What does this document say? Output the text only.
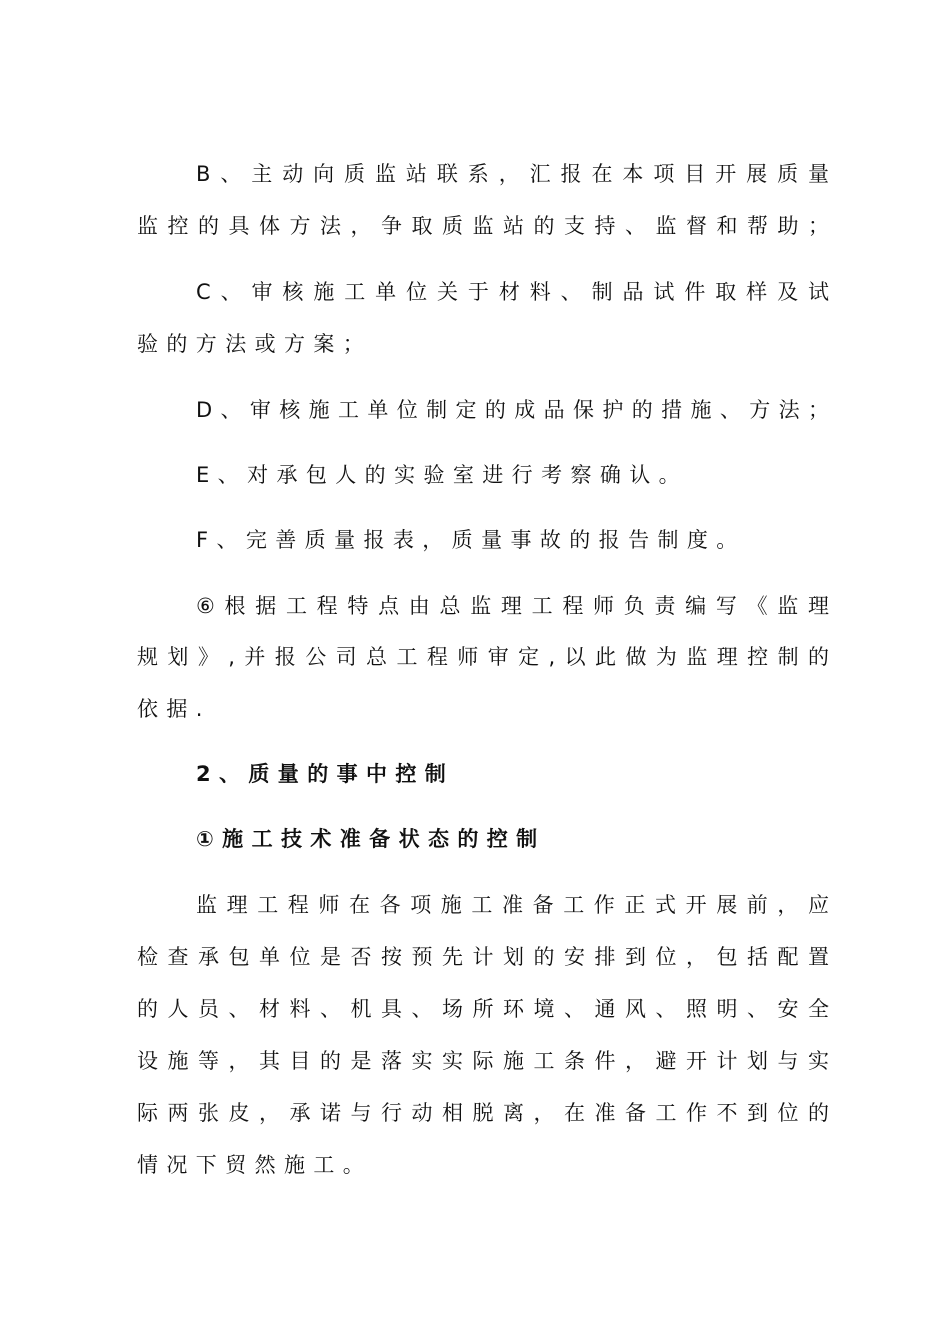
B、主动向质监站联系，汇报在本项目开展质量
监控的具体方法，争取质监站的支持、监督和帮助；
C、审核施工单位关于材料、制品试件取样及试
验的方法或方案；
D、审核施工单位制定的成品保护的措施、方法；
E、对承包人的实验室进行考察确认。
F、完善质量报表，质量事故的报告制度。
⑥根据工程特点由总监理工程师负责编写《监理
规划》,并报公司总工程师审定,以此做为监理控制的
依据.
2、质量的事中控制
①施工技术准备状态的控制
监理工程师在各项施工准备工作正式开展前，应
检查承包单位是否按预先计划的安排到位，包括配置
的人员、材料、机具、场所环境、通风、照明、安全
设施等，其目的是落实实际施工条件，避开计划与实
际两张皮，承诺与行动相脱离，在准备工作不到位的
情况下贸然施工。
